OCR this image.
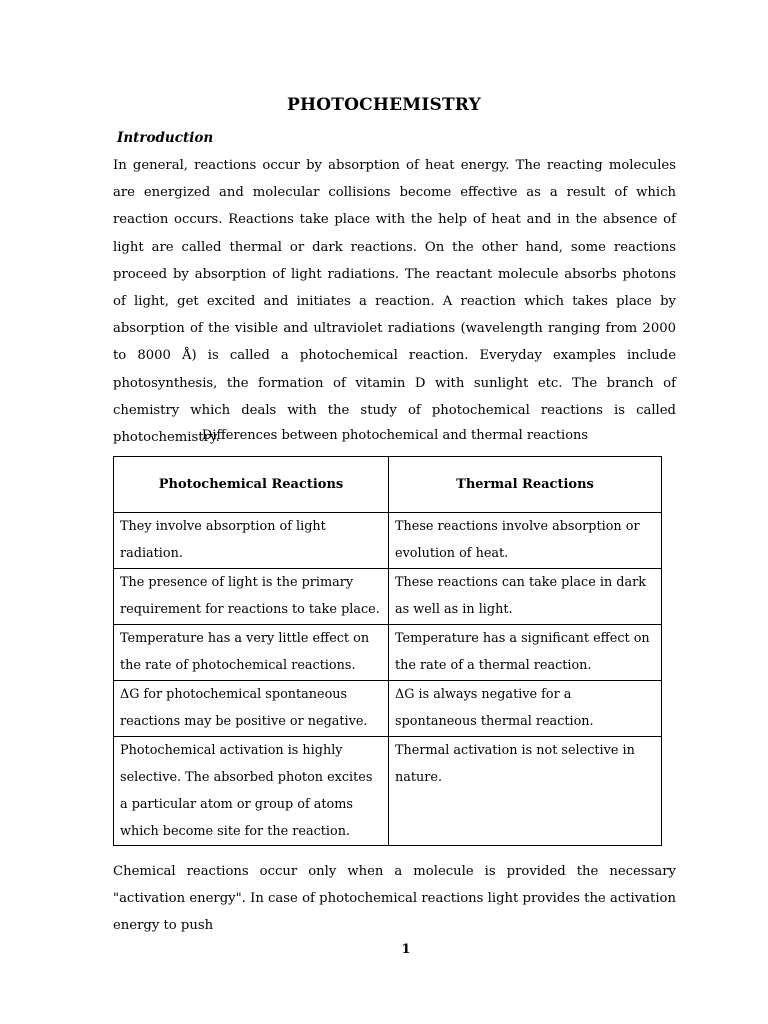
PHOTOCHEMISTRY
Introduction

In general, reactions occur by absorption of heat energy. The reacting molecules are energized and molecular collisions become effective as a result of which reaction occurs. Reactions take place with the help of heat and in the absence of light are called thermal or dark reactions. On the other hand, some reactions proceed by absorption of light radiations. The reactant molecule absorbs photons of light, get excited and initiates a reaction. A reaction which takes place by absorption of the visible and ultraviolet radiations (wavelength ranging from 2000 to 8000 Å) is called a photochemical reaction. Everyday examples include photosynthesis, the formation of vitamin D with sunlight etc. The branch of chemistry which deals with the study of photochemical reactions is called photochemistry.

Differences between photochemical and thermal reactions
Photochemical Reactions	Thermal Reactions
They involve absorption of light radiation.	These reactions involve absorption or evolution of heat.
The presence of light is the primary requirement for reactions to take place.	These reactions can take place in dark as well as in light.
Temperature has a very little effect on the rate of photochemical reactions.	Temperature has a significant effect on the rate of a thermal reaction.
ΔG for photochemical spontaneous reactions may be positive or negative.	ΔG is always negative for a spontaneous thermal reaction.
Photochemical activation is highly selective. The absorbed photon excites a particular atom or group of atoms which become site for the reaction.	Thermal activation is not selective in nature.

Chemical reactions occur only when a molecule is provided the necessary "activation energy". In case of photochemical reactions light provides the activation energy to push

1
